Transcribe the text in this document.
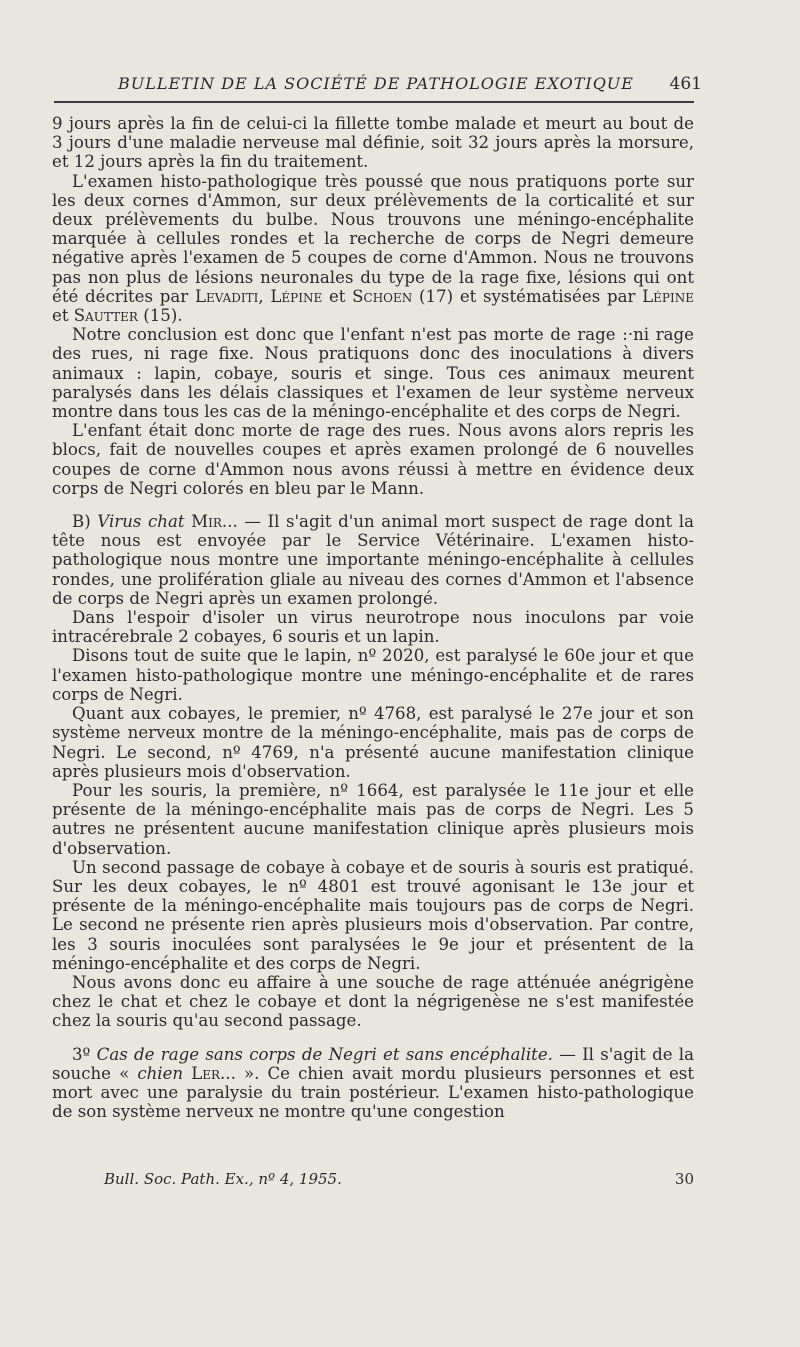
BULLETIN DE LA SOCIÉTÉ DE PATHOLOGIE EXOTIQUE 461

9 jours après la fin de celui-ci la fillette tombe malade et meurt au bout de 3 jours d'une maladie nerveuse mal définie, soit 32 jours après la morsure, et 12 jours après la fin du traitement.

L'examen histo-pathologique très poussé que nous pratiquons porte sur les deux cornes d'Ammon, sur deux prélèvements de la corticalité et sur deux prélèvements du bulbe. Nous trouvons une méningo-encéphalite marquée à cellules rondes et la recherche de corps de Negri demeure négative après l'examen de 5 coupes de corne d'Ammon. Nous ne trouvons pas non plus de lésions neuronales du type de la rage fixe, lésions qui ont été décrites par Levaditi, Lépine et Schoen (17) et systématisées par Lépine et Sautter (15).

Notre conclusion est donc que l'enfant n'est pas morte de rage :·ni rage des rues, ni rage fixe. Nous pratiquons donc des inoculations à divers animaux : lapin, cobaye, souris et singe. Tous ces animaux meurent paralysés dans les délais classiques et l'examen de leur système nerveux montre dans tous les cas de la méningo-encéphalite et des corps de Negri.

L'enfant était donc morte de rage des rues. Nous avons alors repris les blocs, fait de nouvelles coupes et après examen prolongé de 6 nouvelles coupes de corne d'Ammon nous avons réussi à mettre en évidence deux corps de Negri colorés en bleu par le Mann.

B) Virus chat Mir... — Il s'agit d'un animal mort suspect de rage dont la tête nous est envoyée par le Service Vétérinaire. L'examen histo-pathologique nous montre une importante méningo-encéphalite à cellules rondes, une prolifération gliale au niveau des cornes d'Ammon et l'absence de corps de Negri après un examen prolongé.

Dans l'espoir d'isoler un virus neurotrope nous inoculons par voie intracérebrale 2 cobayes, 6 souris et un lapin.

Disons tout de suite que le lapin, nº 2020, est paralysé le 60e jour et que l'examen histo-pathologique montre une méningo-encéphalite et de rares corps de Negri.

Quant aux cobayes, le premier, nº 4768, est paralysé le 27e jour et son système nerveux montre de la méningo-encéphalite, mais pas de corps de Negri. Le second, nº 4769, n'a présenté aucune manifestation clinique après plusieurs mois d'observation.

Pour les souris, la première, nº 1664, est paralysée le 11e jour et elle présente de la méningo-encéphalite mais pas de corps de Negri. Les 5 autres ne présentent aucune manifestation clinique après plusieurs mois d'observation.

Un second passage de cobaye à cobaye et de souris à souris est pratiqué. Sur les deux cobayes, le nº 4801 est trouvé agonisant le 13e jour et présente de la méningo-encéphalite mais toujours pas de corps de Negri. Le second ne présente rien après plusieurs mois d'observation. Par contre, les 3 souris inoculées sont paralysées le 9e jour et présentent de la méningo-encéphalite et des corps de Negri.

Nous avons donc eu affaire à une souche de rage atténuée anégrigène chez le chat et chez le cobaye et dont la négrigenèse ne s'est manifestée chez la souris qu'au second passage.

3º Cas de rage sans corps de Negri et sans encéphalite. — Il s'agit de la souche « chien Ler... ». Ce chien avait mordu plusieurs personnes et est mort avec une paralysie du train postérieur. L'examen histo-pathologique de son système nerveux ne montre qu'une congestion

Bull. Soc. Path. Ex., nº 4, 1955.	30
